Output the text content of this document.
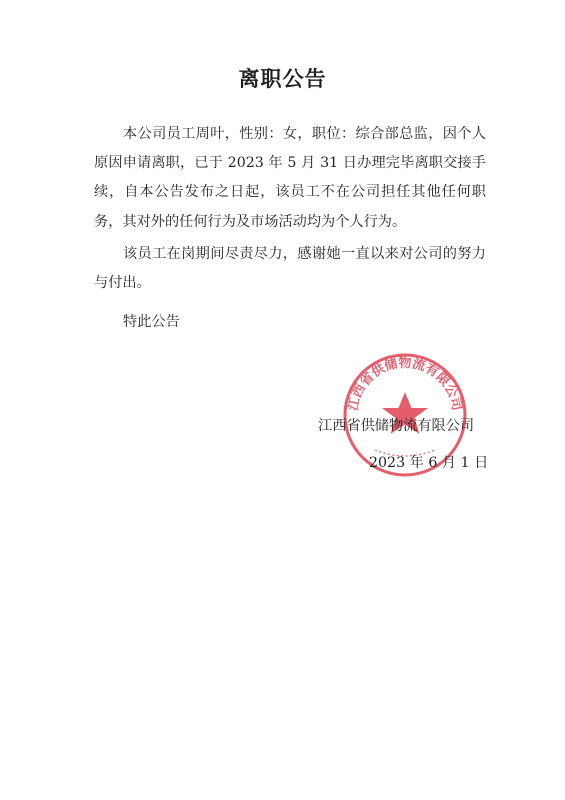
离职公告

本公司员工周叶，性别：女，职位：综合部总监，因个人原因申请离职，已于 2023 年 5 月 31 日办理完毕离职交接手续，自本公告发布之日起，该员工不在公司担任其他任何职务，其对外的任何行为及市场活动均为个人行为。

该员工在岗期间尽责尽力，感谢她一直以来对公司的努力与付出。

特此公告

江西省供储物流有限公司
江西省供储物流有限公司
2023 年 6 月 1 日
